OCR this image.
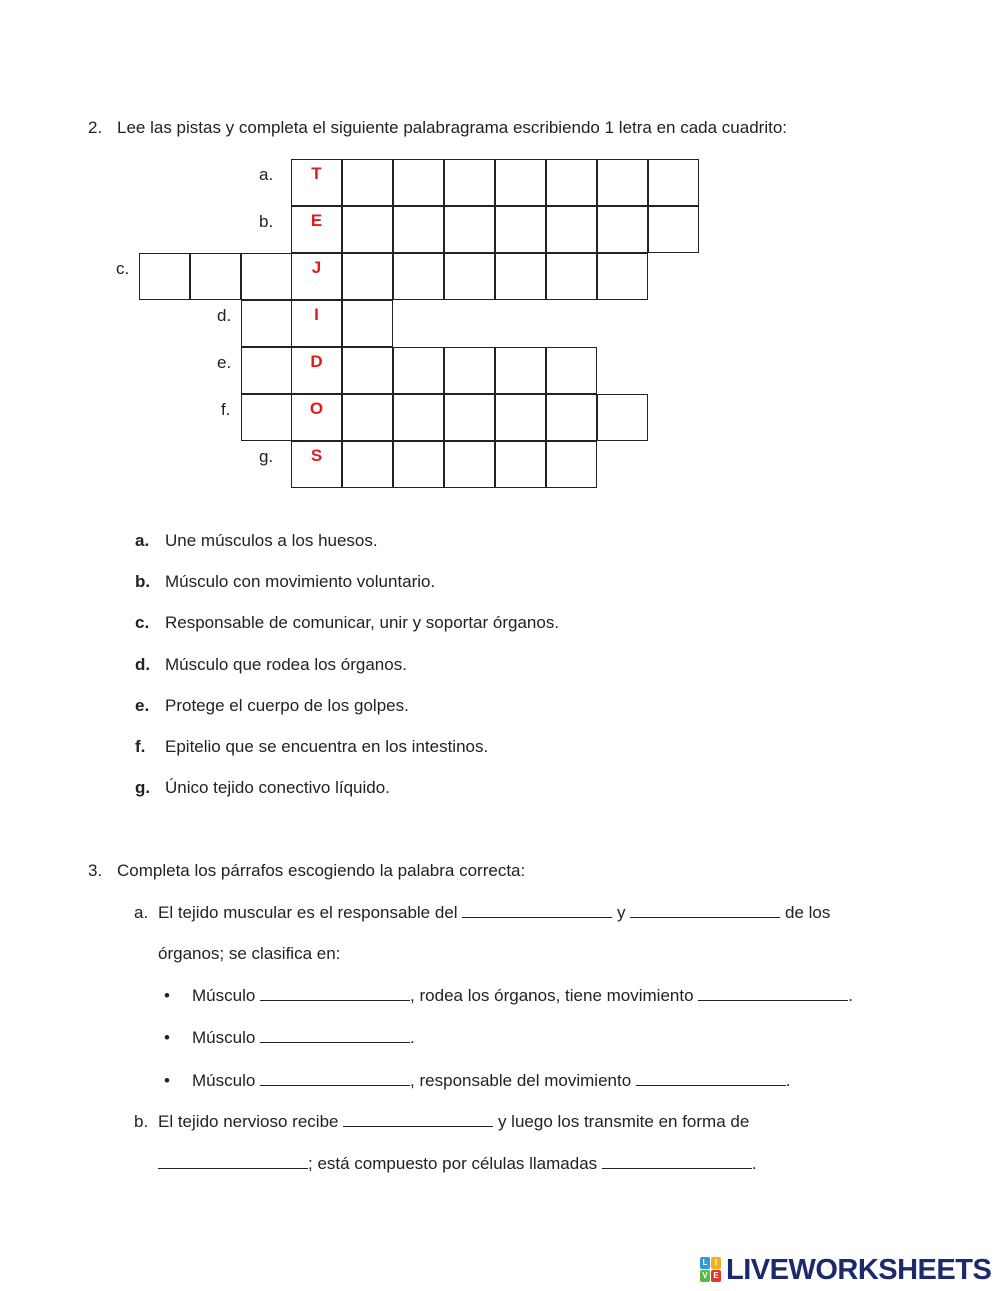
2. Lee las pistas y completa el siguiente palabragrama escribiendo 1 letra en cada cuadrito:
a.	T
b.	E
c.	J
d.	I
e.	D
f.	O
g.	S
a. Une músculos a los huesos.
b. Músculo con movimiento voluntario.
c. Responsable de comunicar, unir y soportar órganos.
d. Músculo que rodea los órganos.
e. Protege el cuerpo de los golpes.
f. Epitelio que se encuentra en los intestinos.
g. Único tejido conectivo líquido.
3. Completa los párrafos escogiendo la palabra correcta:
a. El tejido muscular es el responsable del	y	de los
órganos; se clasifica en:
• Músculo	, rodea los órganos, tiene movimiento	.
• Músculo	.
• Músculo	, responsable del movimiento	.
b. El tejido nervioso recibe	y luego los transmite en forma de
; está compuesto por células llamadas	.
L I
V E LIVEWORKSHEETS
